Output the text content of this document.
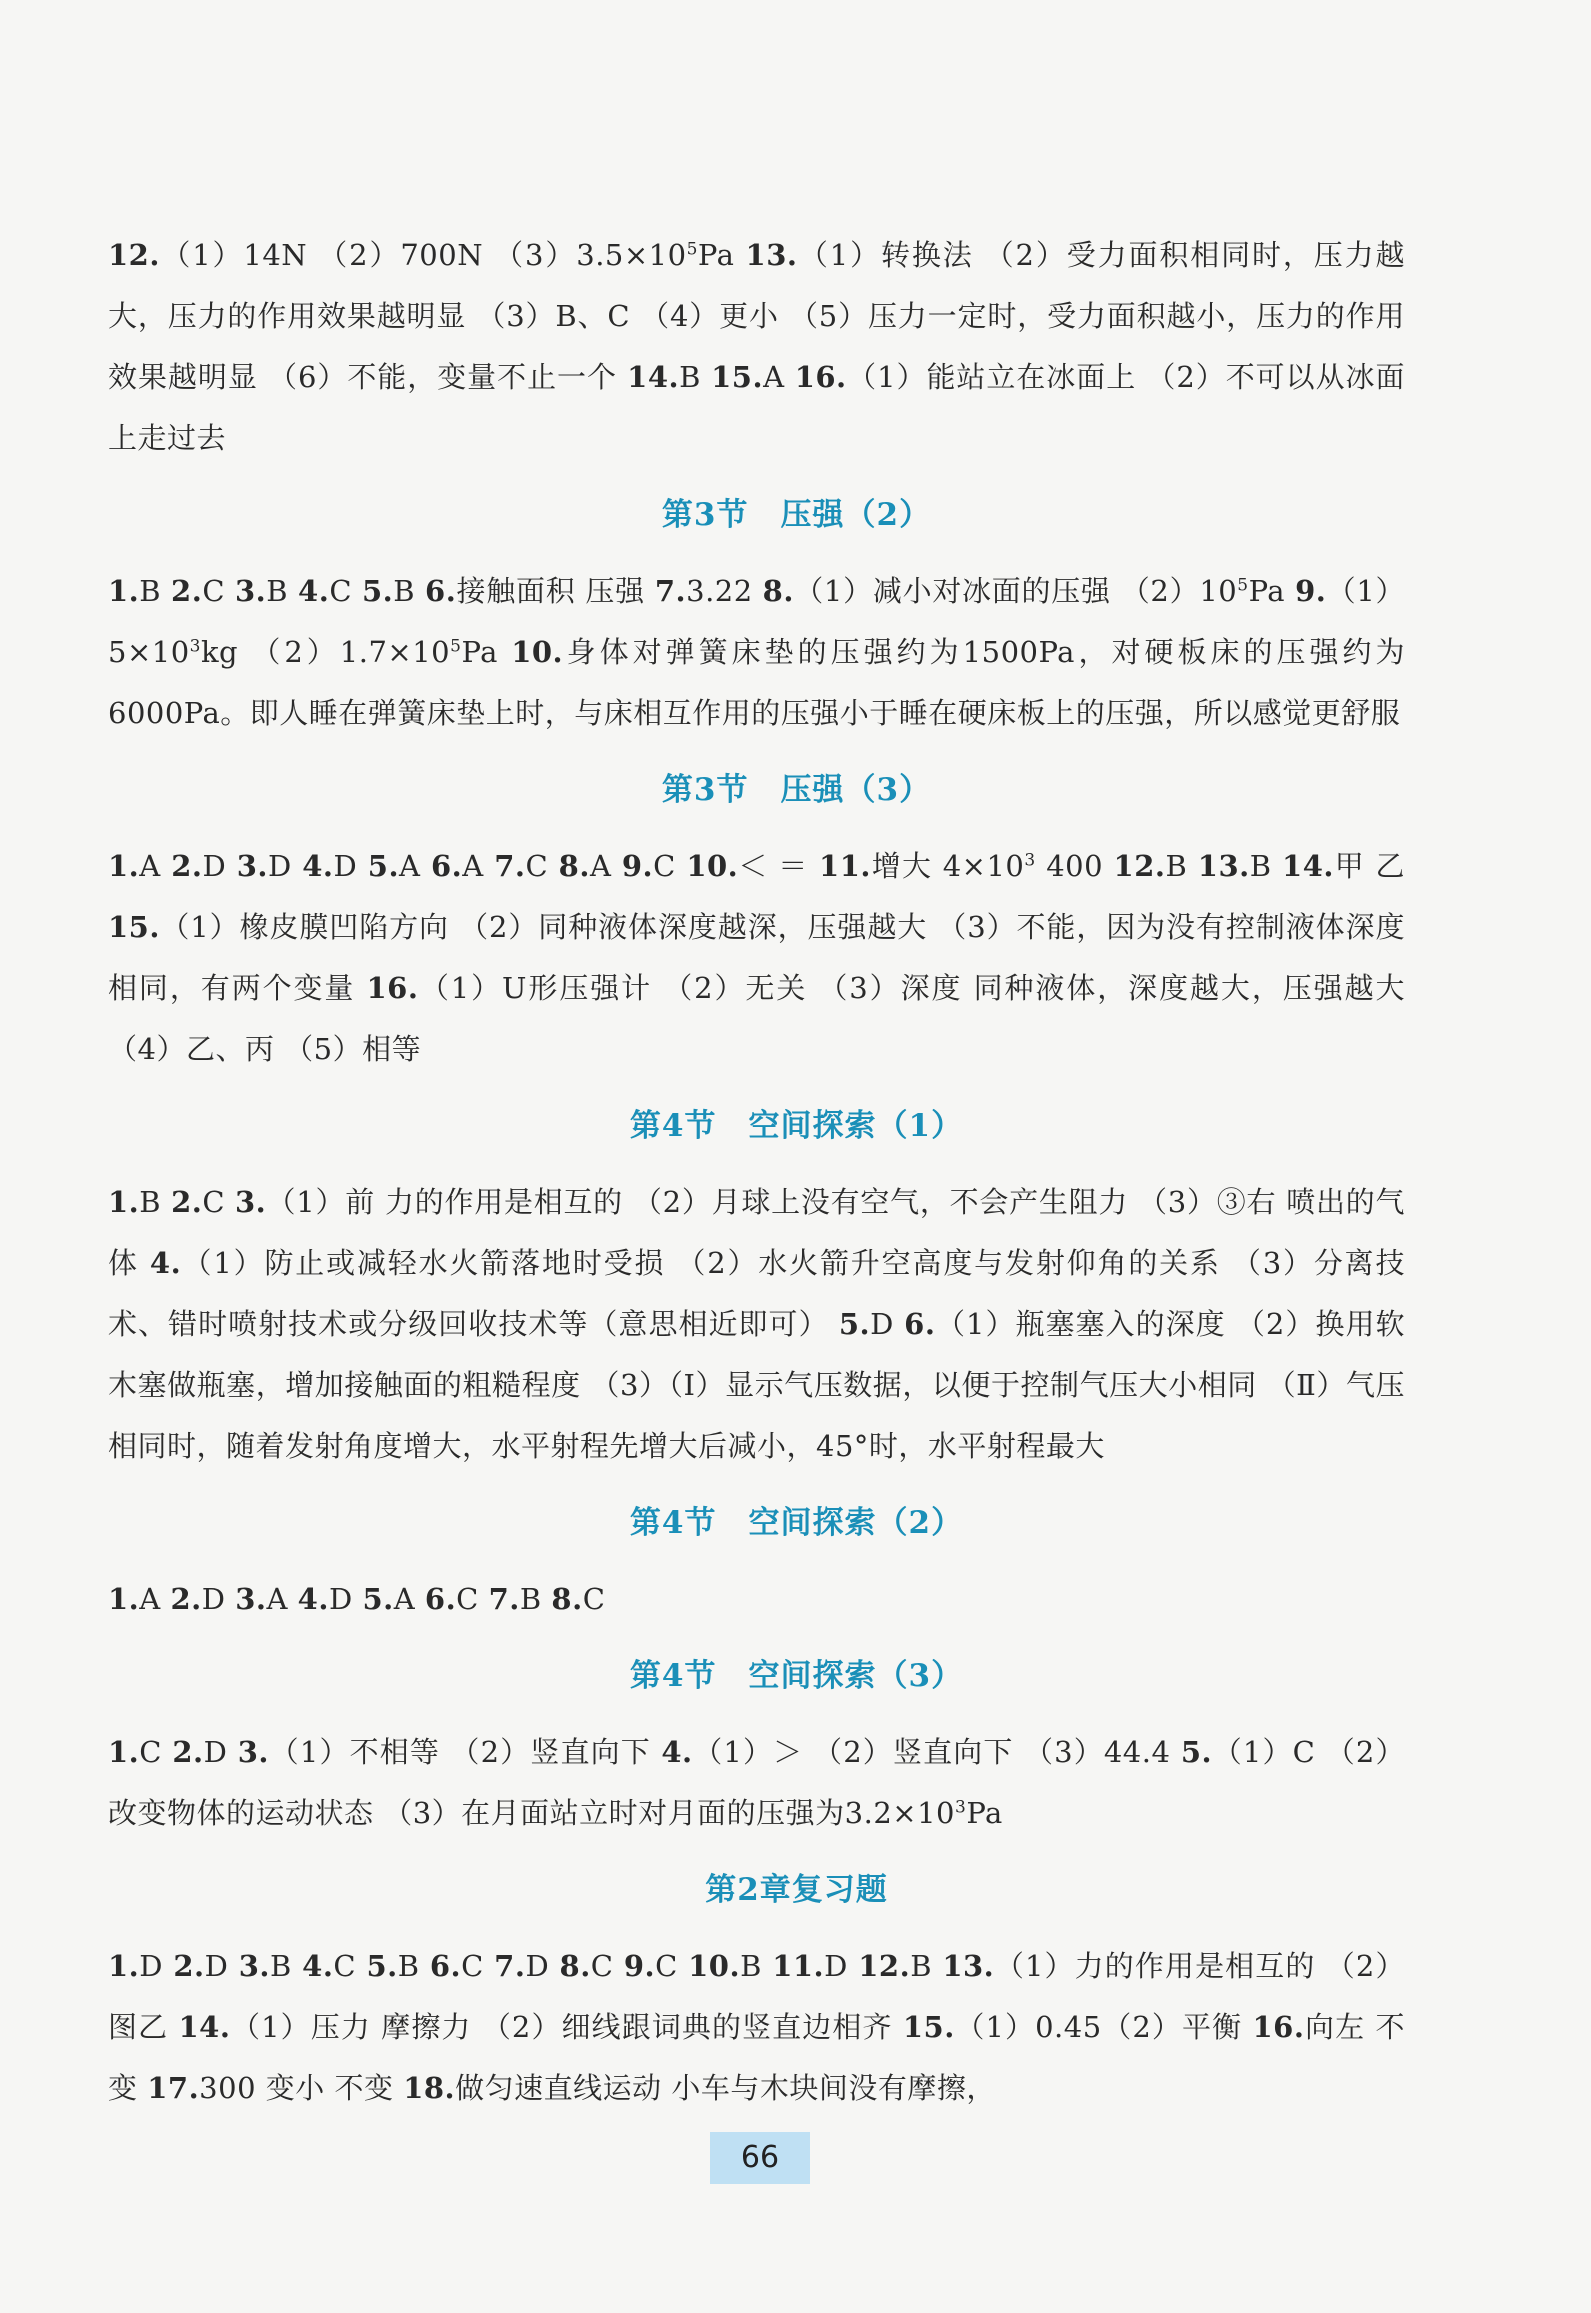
12.（1）14N （2）700N $(3)3.5\times 10^5Pa$ 13.（1）转换法 （2）受力面积相同时，压力越大，压力的作用效果越明显 （3）B、C （4）更小 （5）压力一定时，受力面积越小，压力的作用效果越明显 （6）不能，变量不止一个 14.B 15.A 16.（1）能站立在冰面上 （2）不可以从冰面上走过去

第3节 压强（2）

1.B 2.C 3.B 4.C 5.B 6.接触面积 压强 7.3.22 8.（1）减小对冰面的压强 $(2)10^5Pa$ $9.(1)5\times 10^3kg$ $(2)1.7\times 10^5Pa$ 10.身体对弹簧床垫的压强约为1500Pa，对硬板床的压强约为6000Pa。即人睡在弹簧床垫上时，与床相互作用的压强小于睡在硬床板上的压强，所以感觉更舒服

第3节 压强（3）

1.A 2.D 3.D 4.D 5.A 6.A 7.C 8.A 9.C 10.＜ ＝ 11.增大 $4\times 10^3$ 400 12.B 13.B 14.甲 乙 15.（1）橡皮膜凹陷方向 （2）同种液体深度越深，压强越大 （3）不能，因为没有控制液体深度相同，有两个变量 16.（1）U形压强计 （2）无关 （3）深度 同种液体，深度越大，压强越大 （4）乙、丙 （5）相等

第4节 空间探索（1）

1.B 2.C 3.（1）前 力的作用是相互的 （2）月球上没有空气，不会产生阻力 （3）③右 喷出的气体 4.（1）防止或减轻水火箭落地时受损 （2）水火箭升空高度与发射仰角的关系 （3）分离技术、错时喷射技术或分级回收技术等（意思相近即可） 5.D 6.（1）瓶塞塞入的深度 （2）换用软木塞做瓶塞，增加接触面的粗糙程度 （3）（Ⅰ）显示气压数据，以便于控制气压大小相同 （Ⅱ）气压相同时，随着发射角度增大，水平射程先增大后减小，45°时，水平射程最大

第4节 空间探索（2）

1.A 2.D 3.A 4.D 5.A 6.C 7.B 8.C

第4节 空间探索（3）

1.C 2.D 3.（1）不相等 （2）竖直向下 4.（1）＞ （2）竖直向下 （3）44.4 5.（1）C （2）改变物体的运动状态 （3）在月面站立时对月面的压强为$3.2\times 10^3Pa$

第2章复习题

1.D 2.D 3.B 4.C 5.B 6.C 7.D 8.C 9.C 10.B 11.D 12.B 13.（1）力的作用是相互的 （2）图乙 14.（1）压力 摩擦力 （2）细线跟词典的竖直边相齐 15.（1）0.45（2）平衡 16.向左 不变 17.300 变小 不变 18.做匀速直线运动 小车与木块间没有摩擦，

66
